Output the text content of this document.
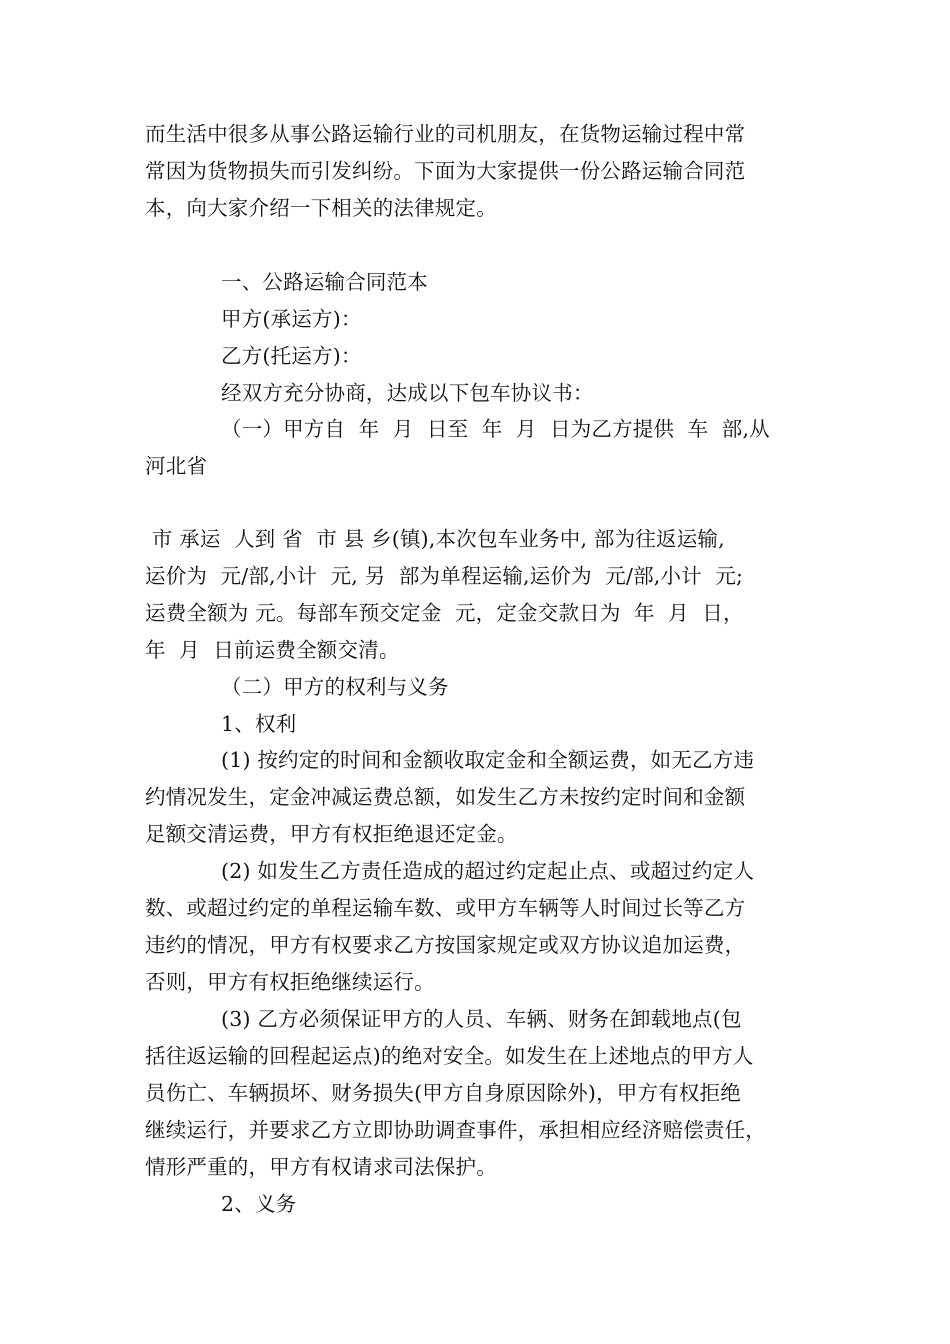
而生活中很多从事公路运输行业的司机朋友，在货物运输过程中常
常因为货物损失而引发纠纷。下面为大家提供一份公路运输合同范
本，向大家介绍一下相关的法律规定。
一、公路运输合同范本
甲方(承运方)：
乙方(托运方)：
经双方充分协商，达成以下包车协议书：
（一）甲方自  年  月  日至  年  月  日为乙方提供  车  部,从
河北省
市 承运  人到 省  市 县 乡(镇),本次包车业务中, 部为往返运输,
运价为  元/部,小计  元, 另  部为单程运输,运价为  元/部,小计  元;
运费全额为 元。每部车预交定金  元，定金交款日为  年  月  日，
年  月  日前运费全额交清。
（二）甲方的权利与义务
1、权利
(1) 按约定的时间和金额收取定金和全额运费，如无乙方违
约情况发生，定金冲减运费总额，如发生乙方未按约定时间和金额
足额交清运费，甲方有权拒绝退还定金。
(2) 如发生乙方责任造成的超过约定起止点、或超过约定人
数、或超过约定的单程运输车数、或甲方车辆等人时间过长等乙方
违约的情况，甲方有权要求乙方按国家规定或双方协议追加运费，
否则，甲方有权拒绝继续运行。
(3) 乙方必须保证甲方的人员、车辆、财务在卸载地点(包
括往返运输的回程起运点)的绝对安全。如发生在上述地点的甲方人
员伤亡、车辆损坏、财务损失(甲方自身原因除外)，甲方有权拒绝
继续运行，并要求乙方立即协助调查事件，承担相应经济赔偿责任，
情形严重的，甲方有权请求司法保护。
2、义务
